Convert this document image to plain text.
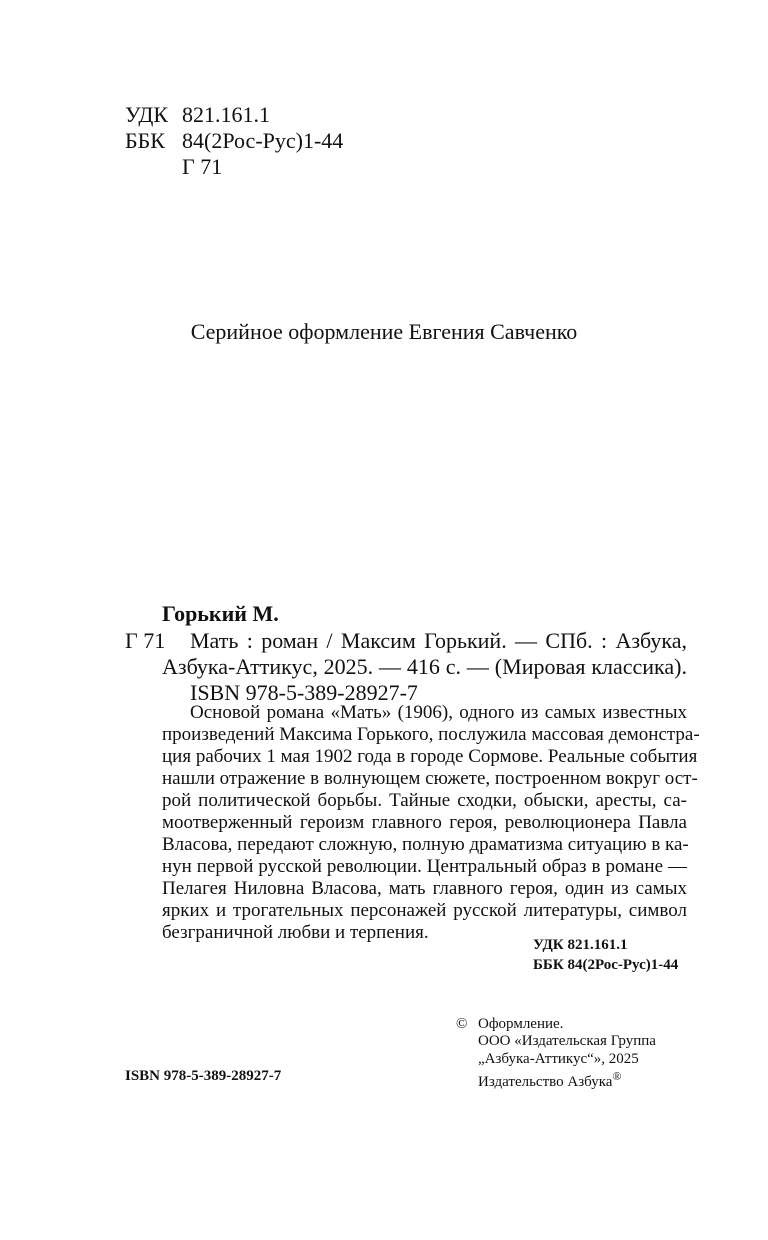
УДК 821.161.1
ББК 84(2Рос-Рус)1-44
Г 71
Серийное оформление Евгения Савченко
Горький М.
Г 71 Мать : роман / Максим Горький. — СПб. : Азбука,
Азбука-Аттикус, 2025. — 416 с. — (Мировая классика).
ISBN 978-5-389-28927-7
Основой романа «Мать» (1906), одного из самых известных
произведений Максима Горького, послужила массовая демонстра-
ция рабочих 1 мая 1902 года в городе Сормове. Реальные события
нашли отражение в волнующем сюжете, построенном вокруг ост-
рой политической борьбы. Тайные сходки, обыски, аресты, са-
моотверженный героизм главного героя, революционера Павла
Власова, передают сложную, полную драматизма ситуацию в ка-
нун первой русской революции. Центральный образ в романе —
Пелагея Ниловна Власова, мать главного героя, один из самых
ярких и трогательных персонажей русской литературы, символ
безграничной любви и терпения.
УДК 821.161.1
ББК 84(2Рос-Рус)1-44
ISBN 978-5-389-28927-7
© Оформление.
ООО «Издательская Группа
„Азбука-Аттикус“», 2025
Издательство Азбука®
